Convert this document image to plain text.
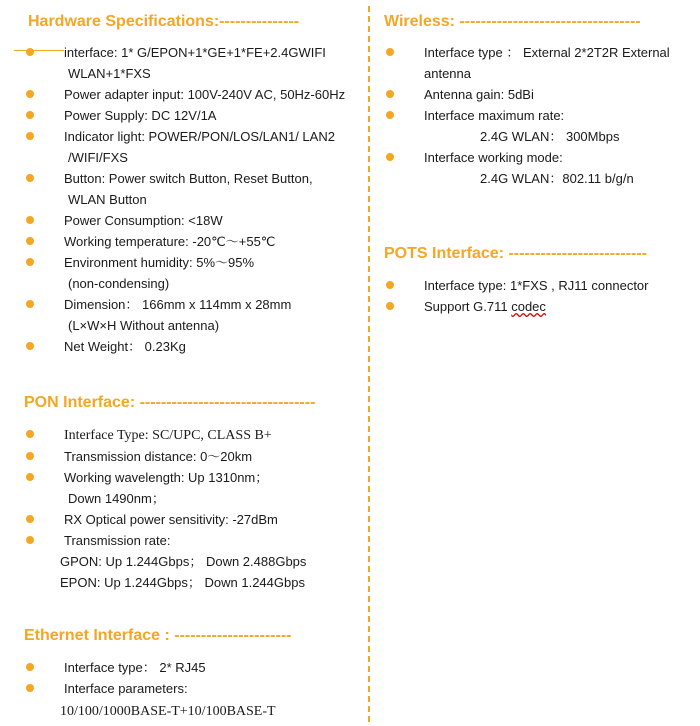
Hardware Specifications:---------------
interface: 1* G/EPON+1*GE+1*FE+2.4GWIFI
WLAN+1*FXS
Power adapter input: 100V-240V AC, 50Hz-60Hz
Power Supply: DC 12V/1A
Indicator light: POWER/PON/LOS/LAN1/ LAN2
/WIFI/FXS
Button: Power switch Button, Reset Button,
WLAN Button
Power Consumption: <18W
Working temperature: -20℃～+55℃
Environment humidity: 5%～95%
(non-condensing)
Dimension： 166mm x 114mm x 28mm
(L×W×H Without antenna)
Net Weight： 0.23Kg
PON Interface: ---------------------------------
Interface Type: SC/UPC, CLASS B+
Transmission distance: 0～20km
Working wavelength: Up 1310nm；
Down 1490nm；
RX Optical power sensitivity: -27dBm
Transmission rate:
GPON: Up 1.244Gbps； Down 2.488Gbps
EPON: Up 1.244Gbps； Down 1.244Gbps
Ethernet Interface : ----------------------
Interface type： 2* RJ45
Interface parameters:
10/100/1000BASE-T+10/100BASE-T
Wireless: ----------------------------------
Interface type ： External 2*2T2R External
antenna
Antenna gain: 5dBi
Interface maximum rate:
2.4G WLAN： 300Mbps
Interface working mode:
2.4G WLAN：802.11 b/g/n
POTS Interface: --------------------------
Interface type: 1*FXS , RJ11 connector
Support G.711 codec
